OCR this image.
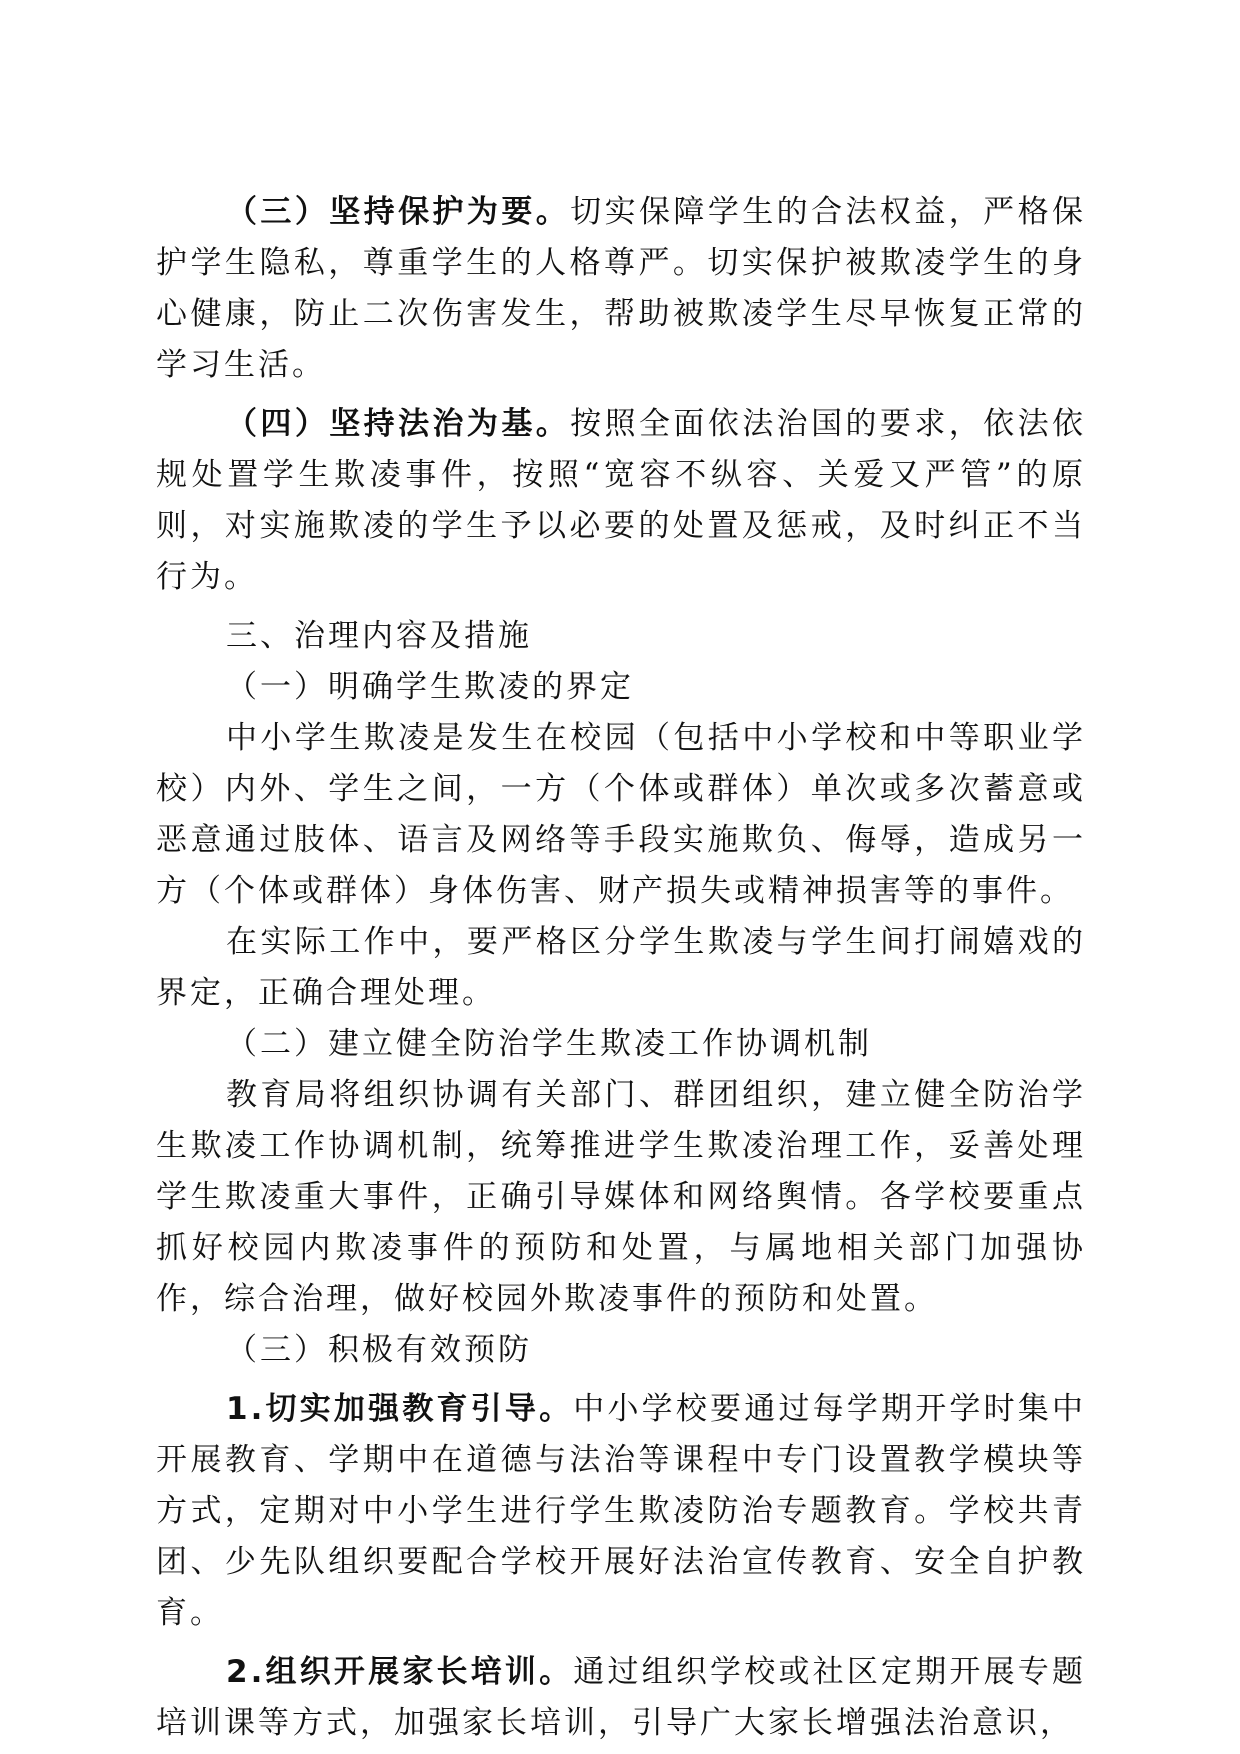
（三）坚持保护为要。切实保障学生的合法权益，严格保护学生隐私，尊重学生的人格尊严。切实保护被欺凌学生的身心健康，防止二次伤害发生，帮助被欺凌学生尽早恢复正常的学习生活。

（四）坚持法治为基。按照全面依法治国的要求，依法依规处置学生欺凌事件，按照“宽容不纵容、关爱又严管”的原则，对实施欺凌的学生予以必要的处置及惩戒，及时纠正不当行为。

三、治理内容及措施

（一）明确学生欺凌的界定

中小学生欺凌是发生在校园（包括中小学校和中等职业学校）内外、学生之间，一方（个体或群体）单次或多次蓄意或恶意通过肢体、语言及网络等手段实施欺负、侮辱，造成另一方（个体或群体）身体伤害、财产损失或精神损害等的事件。

在实际工作中，要严格区分学生欺凌与学生间打闹嬉戏的界定，正确合理处理。

（二）建立健全防治学生欺凌工作协调机制

教育局将组织协调有关部门、群团组织，建立健全防治学生欺凌工作协调机制，统筹推进学生欺凌治理工作，妥善处理学生欺凌重大事件，正确引导媒体和网络舆情。各学校要重点抓好校园内欺凌事件的预防和处置，与属地相关部门加强协作，综合治理，做好校园外欺凌事件的预防和处置。

（三）积极有效预防

1.切实加强教育引导。中小学校要通过每学期开学时集中开展教育、学期中在道德与法治等课程中专门设置教学模块等方式，定期对中小学生进行学生欺凌防治专题教育。学校共青团、少先队组织要配合学校开展好法治宣传教育、安全自护教育。

2.组织开展家长培训。通过组织学校或社区定期开展专题培训课等方式，加强家长培训，引导广大家长增强法治意识，
